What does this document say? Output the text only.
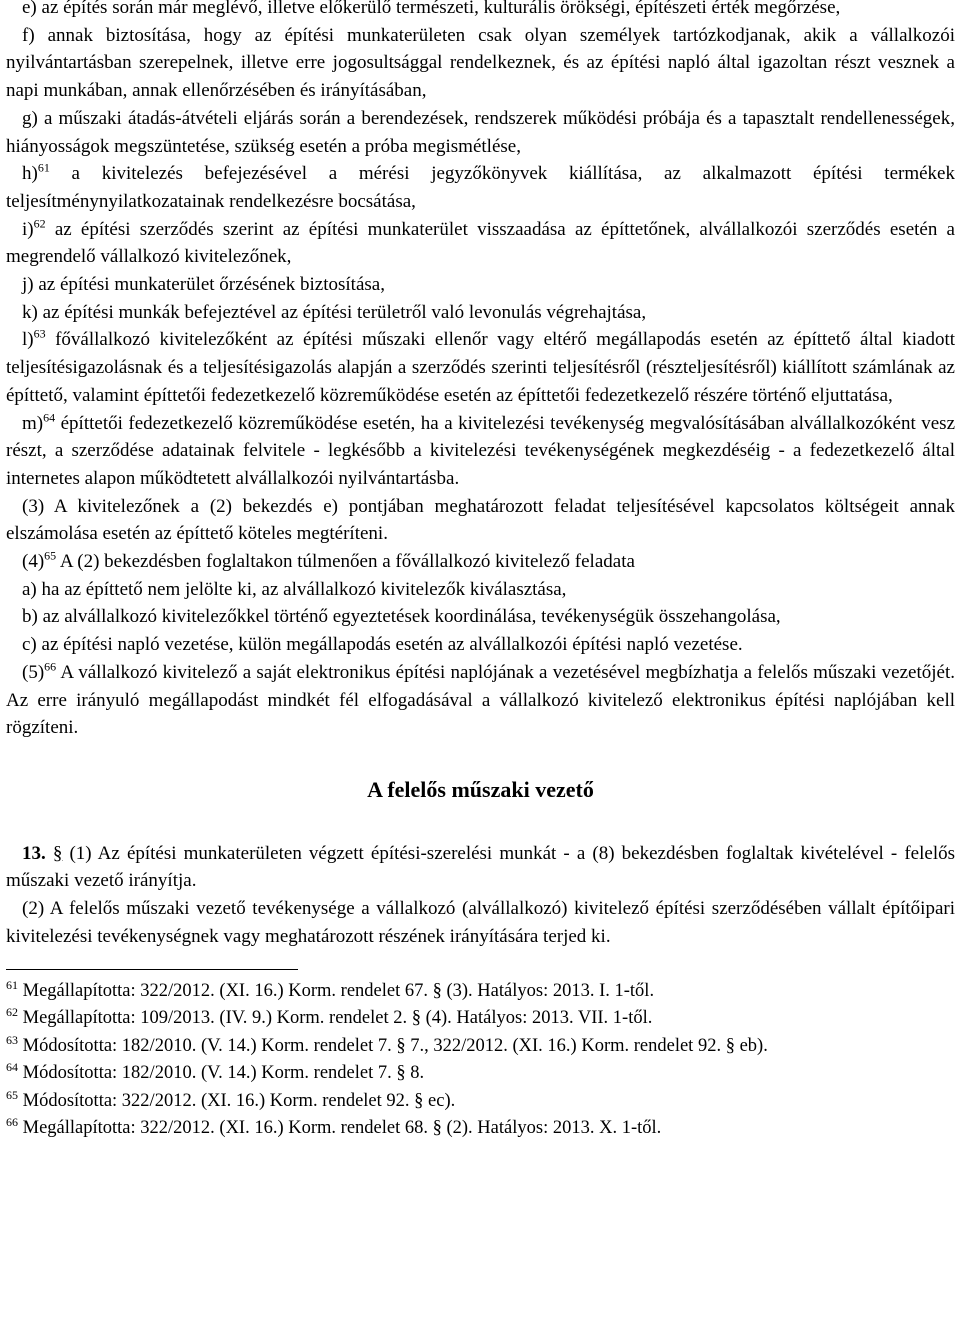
e) az építés során már meglévő, illetve előkerülő természeti, kulturális örökségi, építészeti érték megőrzése,

f) annak biztosítása, hogy az építési munkaterületen csak olyan személyek tartózkodjanak, akik a vállalkozói nyilvántartásban szerepelnek, illetve erre jogosultsággal rendelkeznek, és az építési napló által igazoltan részt vesznek a napi munkában, annak ellenőrzésében és irányításában,

g) a műszaki átadás-átvételi eljárás során a berendezések, rendszerek működési próbája és a tapasztalt rendellenességek, hiányosságok megszüntetése, szükség esetén a próba megismétlése,

h)$^{61}$ a kivitelezés befejezésével a mérési jegyzőkönyvek kiállítása, az alkalmazott építési termékek teljesítménynyilatkozatainak rendelkezésre bocsátása,

i)$^{62}$ az építési szerződés szerint az építési munkaterület visszaadása az építtetőnek, alvállalkozói szerződés esetén a megrendelő vállalkozó kivitelezőnek,

j) az építési munkaterület őrzésének biztosítása,

k) az építési munkák befejeztével az építési területről való levonulás végrehajtása,

l)$^{63}$ fővállalkozó kivitelezőként az építési műszaki ellenőr vagy eltérő megállapodás esetén az építtető által kiadott teljesítésigazolásnak és a teljesítésigazolás alapján a szerződés szerinti teljesítésről (részteljesítésről) kiállított számlának az építtető, valamint építtetői fedezetkezelő közreműködése esetén az építtetői fedezetkezelő részére történő eljuttatása,

m)$^{64}$ építtetői fedezetkezelő közreműködése esetén, ha a kivitelezési tevékenység megvalósításában alvállalkozóként vesz részt, a szerződése adatainak felvitele - legkésőbb a kivitelezési tevékenységének megkezdéséig - a fedezetkezelő által internetes alapon működtetett alvállalkozói nyilvántartásba.

(3) A kivitelezőnek a (2) bekezdés e) pontjában meghatározott feladat teljesítésével kapcsolatos költségeit annak elszámolása esetén az építtető köteles megtéríteni.

$(4)^{65}$ A (2) bekezdésben foglaltakon túlmenően a fővállalkozó kivitelező feladata

a) ha az építtető nem jelölte ki, az alvállalkozó kivitelezők kiválasztása,

b) az alvállalkozó kivitelezőkkel történő egyeztetések koordinálása, tevékenységük összehangolása,

c) az építési napló vezetése, külön megállapodás esetén az alvállalkozói építési napló vezetése.

$(5)^{66}$ A vállalkozó kivitelező a saját elektronikus építési naplójának a vezetésével megbízhatja a felelős műszaki vezetőjét. Az erre irányuló megállapodást mindkét fél elfogadásával a vállalkozó kivitelező elektronikus építési naplójában kell rögzíteni.

A felelős műszaki vezető

13. § (1) Az építési munkaterületen végzett építési-szerelési munkát - a (8) bekezdésben foglaltak kivételével - felelős műszaki vezető irányítja.

(2) A felelős műszaki vezető tevékenysége a vállalkozó (alvállalkozó) kivitelező építési szerződésében vállalt építőipari kivitelezési tevékenységnek vagy meghatározott részének irányítására terjed ki.

$^{61}$ Megállapította: 322/2012. (XI. 16.) Korm. rendelet 67. § (3). Hatályos: 2013. I. 1-től.

$^{62}$ Megállapította: 109/2013. (IV. 9.) Korm. rendelet 2. § (4). Hatályos: 2013. VII. 1-től.

$^{63}$ Módosította: 182/2010. (V. 14.) Korm. rendelet 7. § 7., 322/2012. (XI. 16.) Korm. rendelet 92. § eb).

$^{64}$ Módosította: 182/2010. (V. 14.) Korm. rendelet 7. § 8.

$^{65}$ Módosította: 322/2012. (XI. 16.) Korm. rendelet 92. § ec).

$^{66}$ Megállapította: 322/2012. (XI. 16.) Korm. rendelet 68. § (2). Hatályos: 2013. X. 1-től.
